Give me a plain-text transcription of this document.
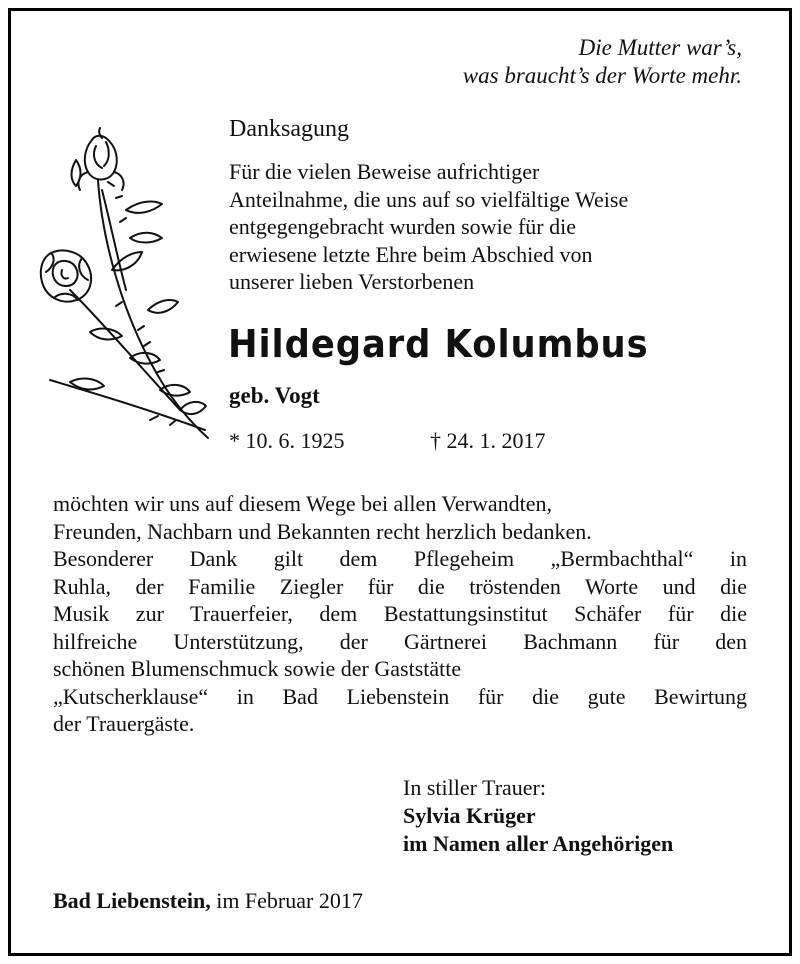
Die Mutter war’s,
was braucht’s der Worte mehr.
Danksagung
Für die vielen Beweise aufrichtiger
Anteilnahme, die uns auf so vielfältige Weise
entgegengebracht wurden sowie für die
erwiesene letzte Ehre beim Abschied von
unserer lieben Verstorbenen
Hildegard Kolumbus
geb. Vogt
* 10. 6. 1925	† 24. 1. 2017
möchten wir uns auf diesem Wege bei allen Verwandten,
Freunden, Nachbarn und Bekannten recht herzlich bedanken.
Besonderer Dank gilt dem Pflegeheim „Bermbachthal“ in
Ruhla, der Familie Ziegler für die tröstenden Worte und die
Musik zur Trauerfeier, dem Bestattungsinstitut Schäfer für die
hilfreiche Unterstützung, der Gärtnerei Bachmann für den
schönen Blumenschmuck sowie der Gaststätte
„Kutscherklause“ in Bad Liebenstein für die gute Bewirtung
der Trauergäste.
In stiller Trauer:
Sylvia Krüger
im Namen aller Angehörigen
Bad Liebenstein, im Februar 2017
